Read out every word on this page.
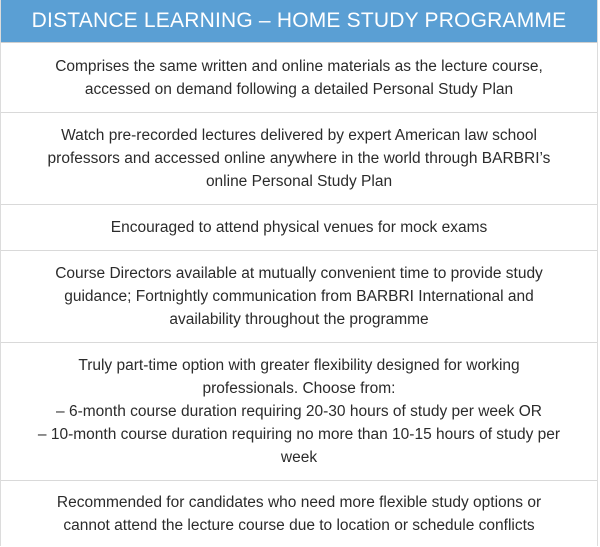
DISTANCE LEARNING – HOME STUDY PROGRAMME
Comprises the same written and online materials as the lecture course,
accessed on demand following a detailed Personal Study Plan
Watch pre-recorded lectures delivered by expert American law school
professors and accessed online anywhere in the world through BARBRI’s
online Personal Study Plan
Encouraged to attend physical venues for mock exams
Course Directors available at mutually convenient time to provide study
guidance; Fortnightly communication from BARBRI International and
availability throughout the programme
Truly part-time option with greater flexibility designed for working
professionals. Choose from:
– 6-month course duration requiring 20-30 hours of study per week OR
– 10-month course duration requiring no more than 10-15 hours of study per
week
Recommended for candidates who need more flexible study options or
cannot attend the lecture course due to location or schedule conflicts
